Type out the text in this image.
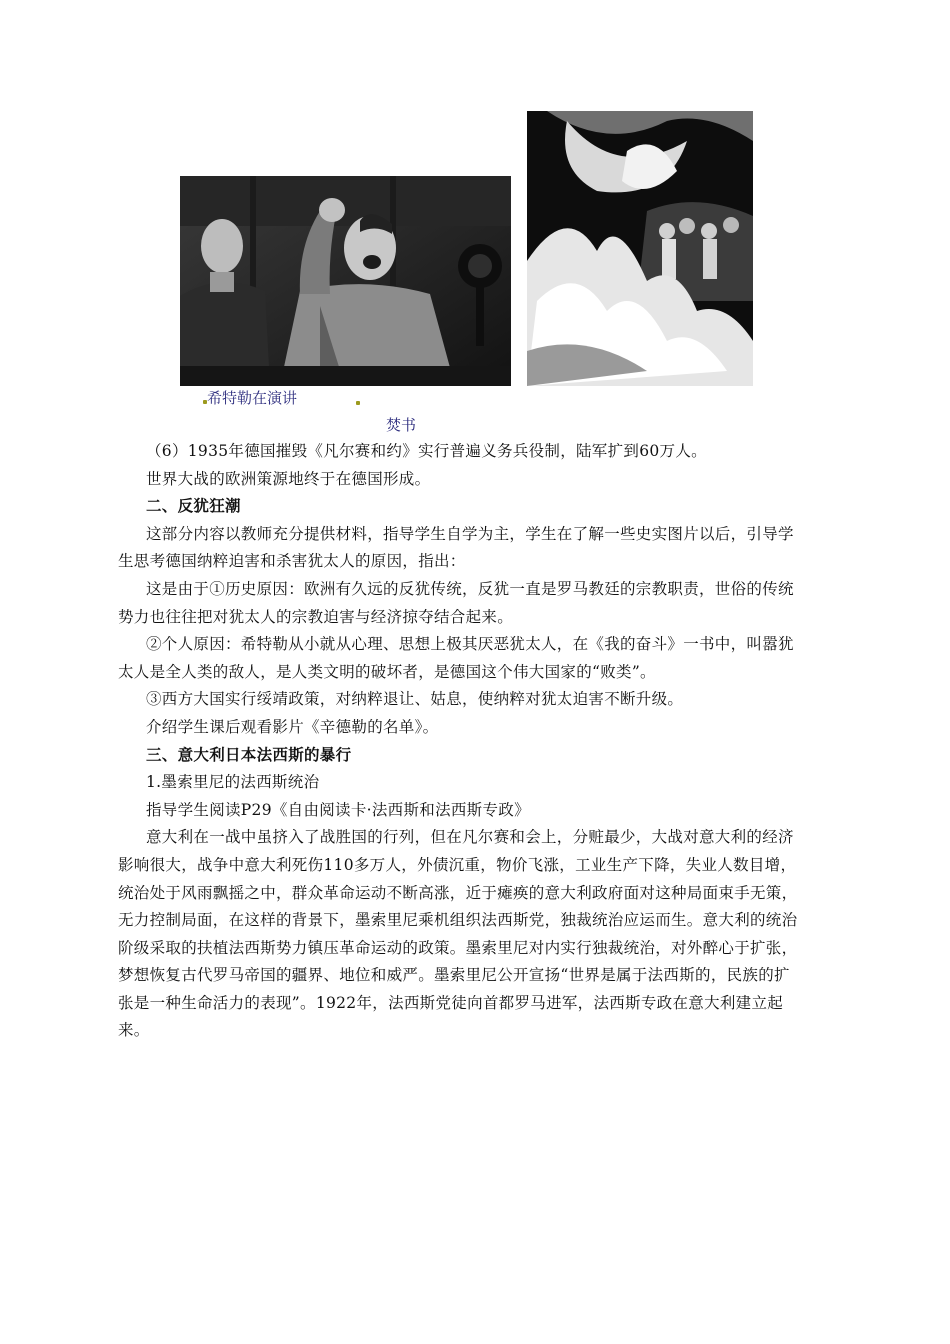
希特勒在演讲
焚书

（6）1935年德国摧毁《凡尔赛和约》实行普遍义务兵役制，陆军扩到60万人。

世界大战的欧洲策源地终于在德国形成。

二、反犹狂潮

这部分内容以教师充分提供材料，指导学生自学为主，学生在了解一些史实图片以后，引导学

生思考德国纳粹迫害和杀害犹太人的原因，指出：

这是由于①历史原因：欧洲有久远的反犹传统，反犹一直是罗马教廷的宗教职责，世俗的传统

势力也往往把对犹太人的宗教迫害与经济掠夺结合起来。

②个人原因：希特勒从小就从心理、思想上极其厌恶犹太人，在《我的奋斗》一书中，叫嚣犹

太人是全人类的敌人，是人类文明的破坏者，是德国这个伟大国家的“败类”。

③西方大国实行绥靖政策，对纳粹退让、姑息，使纳粹对犹太迫害不断升级。

介绍学生课后观看影片《辛德勒的名单》。

三、意大利日本法西斯的暴行

1.墨索里尼的法西斯统治

指导学生阅读P29《自由阅读卡·法西斯和法西斯专政》

意大利在一战中虽挤入了战胜国的行列，但在凡尔赛和会上，分赃最少，大战对意大利的经济

影响很大，战争中意大利死伤110多万人，外债沉重，物价飞涨，工业生产下降，失业人数目增，

统治处于风雨飘摇之中，群众革命运动不断高涨，近于瘫痪的意大利政府面对这种局面束手无策，

无力控制局面，在这样的背景下，墨索里尼乘机组织法西斯党，独裁统治应运而生。意大利的统治

阶级采取的扶植法西斯势力镇压革命运动的政策。墨索里尼对内实行独裁统治，对外醉心于扩张，

梦想恢复古代罗马帝国的疆界、地位和威严。墨索里尼公开宣扬“世界是属于法西斯的，民族的扩

张是一种生命活力的表现”。1922年，法西斯党徒向首都罗马进军，法西斯专政在意大利建立起

来。
